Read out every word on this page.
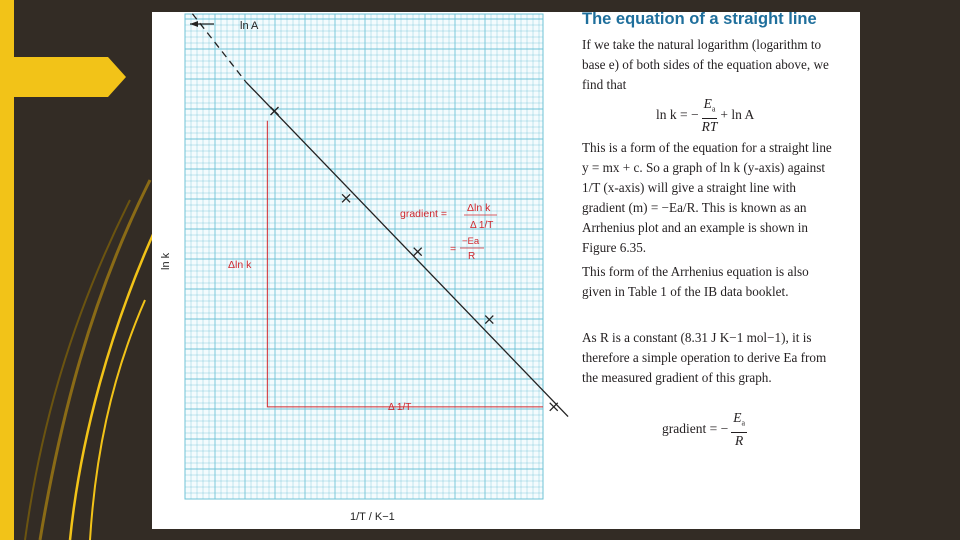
ln A
gradient = Δln k
Δ 1/T
=
−Ea
R
Δln k
Δ 1/T
ln k
1/T / K−1
The equation of a straight line

If we take the natural logarithm (logarithm to base e) of both sides of the equation above, we find that

ln k = − $\frac{E_a}{RT} + \ln A$

This is a form of the equation for a straight line y = mx + c. So a graph of ln k (y-axis) against 1/T (x-axis) will give a straight line with gradient (m) = −Ea/R. This is known as an Arrhenius plot and an example is shown in Figure 6.35.

This form of the Arrhenius equation is also given in Table 1 of the IB data booklet.

As R is a constant (8.31 J K−1 mol−1), it is therefore a simple operation to derive Ea from the measured gradient of this graph.

gradient = − $\frac{E_a}{R}$
